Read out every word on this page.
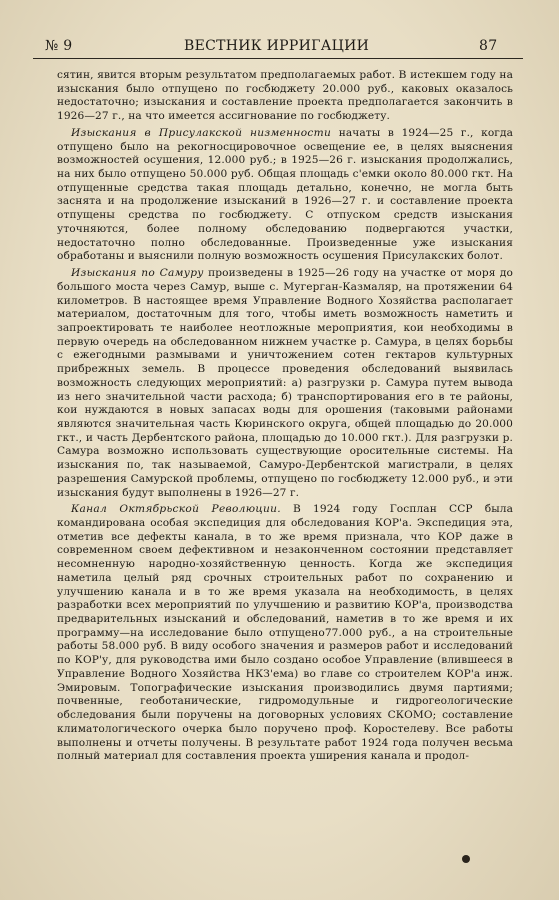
№ 9	ВЕСТНИК ИРРИГАЦИИ	87

сятин, явится вторым результатом предполагаемых работ. В истекшем году на изыскания было отпущено по госбюджету 20.000 руб., каковых оказалось недостаточно; изыскания и составление проекта предполагается закончить в 1926—27 г., на что имеется ассигнование по госбюджету.

Изыскания в Присулакской низменности начаты в 1924—25 г., когда отпущено было на рекогносцировочное освещение ее, в целях выяснения возможностей осушения, 12.000 руб.; в 1925—26 г. изыскания продолжались, на них было отпущено 50.000 руб. Общая площадь с'емки около 80.000 гкт. На отпущенные средства такая площадь детально, конечно, не могла быть заснята и на продолжение изысканий в 1926—27 г. и составление проекта отпущены средства по госбюджету. С отпуском средств изыскания уточняются, более полному обследованию подвергаются участки, недостаточно полно обследованные. Произведенные уже изыскания обработаны и выяснили полную возможность осушения Присулакских болот.

Изыскания по Самуру произведены в 1925—26 году на участке от моря до большого моста через Самур, выше с. Мугерган-Казмаляр, на протяжении 64 километров. В настоящее время Управление Водного Хозяйства располагает материалом, достаточным для того, чтобы иметь возможность наметить и запроектировать те наиболее неотложные мероприятия, кои необходимы в первую очередь на обследованном нижнем участке р. Самура, в целях борьбы с ежегодными размывами и уничтожением сотен гектаров культурных прибрежных земель. В процессе проведения обследований выявилась возможность следующих мероприятий: а) разгрузки р. Самура путем вывода из него значительной части расхода; б) транспортирования его в те районы, кои нуждаются в новых запасах воды для орошения (таковыми районами являются значительная часть Кюринского округа, общей площадью до 20.000 гкт., и часть Дербентского района, площадью до 10.000 гкт.). Для разгрузки р. Самура возможно использовать существующие оросительные системы. На изыскания по, так называемой, Самуро-Дербентской магистрали, в целях разрешения Самурской проблемы, отпущено по госбюджету 12.000 руб., и эти изыскания будут выполнены в 1926—27 г.

Канал Октябрьской Революции. В 1924 году Госплан ССР была командирована особая экспедиция для обследования КОР'а. Экспедиция эта, отметив все дефекты канала, в то же время признала, что КОР даже в современном своем дефективном и незаконченном состоянии представляет несомненную народно-хозяйственную ценность. Когда же экспедиция наметила целый ряд срочных строительных работ по сохранению и улучшению канала и в то же время указала на необходимость, в целях разработки всех мероприятий по улучшению и развитию КОР'а, производства предварительных изысканий и обследований, наметив в то же время и их программу—на исследование было отпущено77.000 руб., а на строительные работы 58.000 руб. В виду особого значения и размеров работ и исследований по КОР'у, для руководства ими было создано особое Управление (влившееся в Управление Водного Хозяйства НКЗ'ема) во главе со строителем КОР'а инж. Эмировым. Топографические изыскания производились двумя партиями; почвенные, геоботанические, гидромодульные и гидрогеологические обследования были поручены на договорных условиях СКОМО; составление климатологического очерка было поручено проф. Коростелеву. Все работы выполнены и отчеты получены. В результате работ 1924 года получен весьма полный материал для составления проекта уширения канала и продол-
